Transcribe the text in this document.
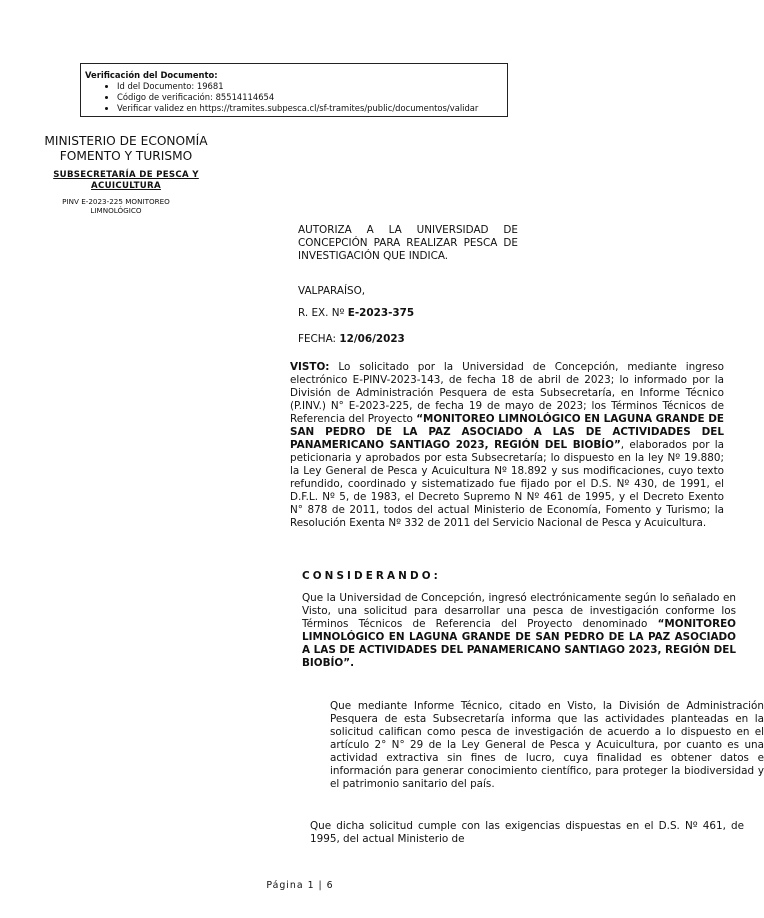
Verificación del Documento:
• Id del Documento: 19681
• Código de verificación: 85514114654
• Verificar validez en https://tramites.subpesca.cl/sf-tramites/public/documentos/validar
MINISTERIO DE ECONOMÍA
FOMENTO Y TURISMO
SUBSECRETARÍA DE PESCA Y ACUICULTURA
PINV E-2023-225 MONITOREO LIMNOLÓGICO
AUTORIZA A LA UNIVERSIDAD DE CONCEPCIÓN PARA REALIZAR PESCA DE INVESTIGACIÓN QUE INDICA.
VALPARAÍSO,
R. EX. Nº E-2023-375
FECHA: 12/06/2023
VISTO: Lo solicitado por la Universidad de Concepción, mediante ingreso electrónico E-PINV-2023-143, de fecha 18 de abril de 2023; lo informado por la División de Administración Pesquera de esta Subsecretaría, en Informe Técnico (P.INV.) N° E-2023-225, de fecha 19 de mayo de 2023; los Términos Técnicos de Referencia del Proyecto “MONITOREO LIMNOLÓGICO EN LAGUNA GRANDE DE SAN PEDRO DE LA PAZ ASOCIADO A LAS DE ACTIVIDADES DEL PANAMERICANO SANTIAGO 2023, REGIÓN DEL BIOBÍO”, elaborados por la peticionaria y aprobados por esta Subsecretaría; lo dispuesto en la ley Nº 19.880; la Ley General de Pesca y Acuicultura Nº 18.892 y sus modificaciones, cuyo texto refundido, coordinado y sistematizado fue fijado por el D.S. Nº 430, de 1991, el D.F.L. Nº 5, de 1983, el Decreto Supremo N Nº 461 de 1995, y el Decreto Exento N° 878 de 2011, todos del actual Ministerio de Economía, Fomento y Turismo; la Resolución Exenta Nº 332 de 2011 del Servicio Nacional de Pesca y Acuicultura.
CONSIDERANDO:
Que la Universidad de Concepción, ingresó electrónicamente según lo señalado en Visto, una solicitud para desarrollar una pesca de investigación conforme los Términos Técnicos de Referencia del Proyecto denominado “MONITOREO LIMNOLÓGICO EN LAGUNA GRANDE DE SAN PEDRO DE LA PAZ ASOCIADO A LAS DE ACTIVIDADES DEL PANAMERICANO SANTIAGO 2023, REGIÓN DEL BIOBÍO”.
Que mediante Informe Técnico, citado en Visto, la División de Administración Pesquera de esta Subsecretaría informa que las actividades planteadas en la solicitud califican como pesca de investigación de acuerdo a lo dispuesto en el artículo 2° N° 29 de la Ley General de Pesca y Acuicultura, por cuanto es una actividad extractiva sin fines de lucro, cuya finalidad es obtener datos e información para generar conocimiento científico, para proteger la biodiversidad y el patrimonio sanitario del país.
Que dicha solicitud cumple con las exigencias dispuestas en el D.S. Nº 461, de 1995, del actual Ministerio de
Página 1 | 6
